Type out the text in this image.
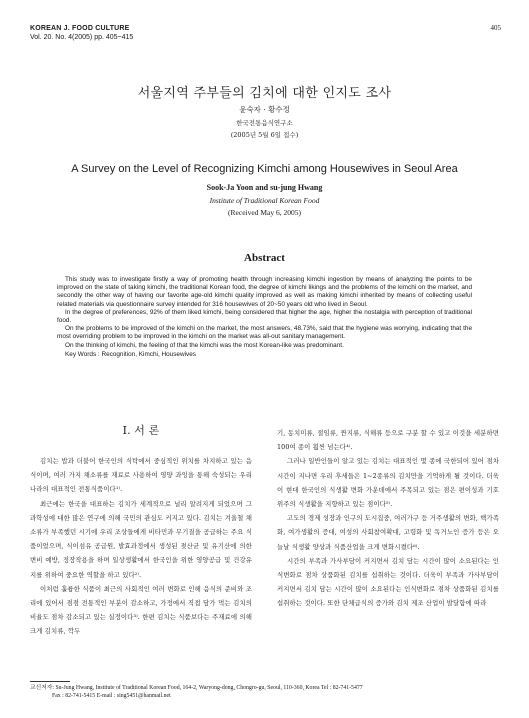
KOREAN J. FOOD CULTURE
Vol. 20. No. 4(2005) pp. 405~415
405
서울지역 주부들의 김치에 대한 인지도 조사
윤숙자 · 황수정
한국전통음식연구소
(2005년 5월 6일 접수)
A Survey on the Level of Recognizing Kimchi among Housewives in Seoul Area
Sook-Ja Yoon and su-jung Hwang
Institute of Traditional Korean Food
(Received May 6, 2005)
Abstract

This study was to investigate firstly a way of promoting health through increasing kimchi ingestion by means of analyzing the points to be improved on the state of taking kimchi, the traditional Korean food, the degree of kimchi likings and the problems of the kimchi on the market, and secondly the other way of having our favorite age-old kimchi quality improved as well as making kimchi inherited by means of collecting useful related materials via questionnaire survey intended for 316 housewives of 20~50 years old who lived in Seoul.

In the degree of preferences, 92% of them liked kimchi, being considered that higher the age, higher the nostalgia with perception of traditional food.

On the problems to be improved of the kimchi on the market, the most answers, 48.73%, said that the hygiene was worrying, indicating that the most overriding problem to be improved in the kimchi on the market was all-out sanitary management.

On the thinking of kimchi, the feeling of that the kimchi was the most Korean-like was predominant.

Key Words : Recognition, Kimchi, Housewives

I. 서 론

김치는 밥과 더불어 한국인의 식탁에서 중심적인 위치를 차지하고 있는 음식이며, 여러 가지 채소류를 재료로 사용하여 영양 과잉을 통해 숙성되는 우리나라의 대표적인 전통식품이다¹⁾.

최근에는 한국을 대표하는 김치가 세계적으로 널리 알려지게 되었으며 그 과학성에 대한 많은 연구에 의해 국민의 관심도 커지고 있다. 김치는 겨울철 채소류가 부족했던 시기에 우리 조상들에게 비타민과 무기질을 공급하는 주요 식품이었으며, 식이섬유 공급원, 발효과정에서 생성된 젖산균 및 유기산에 의한 변비 예방, 정장작용을 하며 일상생활에서 한국인을 위한 영양공급 및 건강유지를 위하여 중요한 역할을 하고 있다²⁾.

이처럼 훌륭한 식품이 최근의 사회적인 여러 변화로 인해 음식의 준비와 조리에 있어서 점점 전통적인 부분이 감소하고, 가정에서 직접 담가 먹는 김치의 비율도 점차 감소되고 있는 실정이다³⁾. 한편 김치는 식품보다는 주재료에 의해 크게 김치류, 깍두

기, 동치미류, 절임류, 짠지류, 식해류 등으로 구분 할 수 있고 이것을 세분하면 100여 종이 훨씬 넘는다⁴⁾.

그러나 일반인들이 알고 있는 김치는 대표적인 몇 종에 국한되어 있어 점차 시간이 지나면 우리 후세들은 1~2종류의 김치만을 기억하게 될 것이다. 더욱이 현대 한국인의 식생활 변화 가운데에서 주목되고 있는 점은 편이성과 기호 위주의 식생활을 지향하고 있는 점이다⁵⁾.

고도의 경제 성장과 인구의 도시집중, 여러가구 등 거주생활의 변화, 핵가족화, 여가생활의 증대, 여성의 사회참여확대, 고령화 및 독거노인 증가 등은 오늘날 식생활 양상과 식품산업을 크게 변화시켰다⁶⁾.

시간의 부족과 가사부담이 커지면서 김치 담는 시간이 많이 소요된다는 인식변화로 점차 상품화된 김치를 섭취하는 것이다. 더욱이 부족과 가사부담이 커지면서 김치 담는 시간이 많이 소요된다는 인식변화로 점차 상품화된 김치를 섭취하는 것이다. 또한 단체급식의 증가와 김치 제조 산업이 발달함에 따라

교신저자: Su-Jung Hwang, Institute of Traditional Korean Food, 164-2, Waryong-dong, Chongro-gu, Seoul, 110-360, Korea Tel : 82-741-5477
Fax : 82-741-5415 E-mail : sing5451@hanmail.net
